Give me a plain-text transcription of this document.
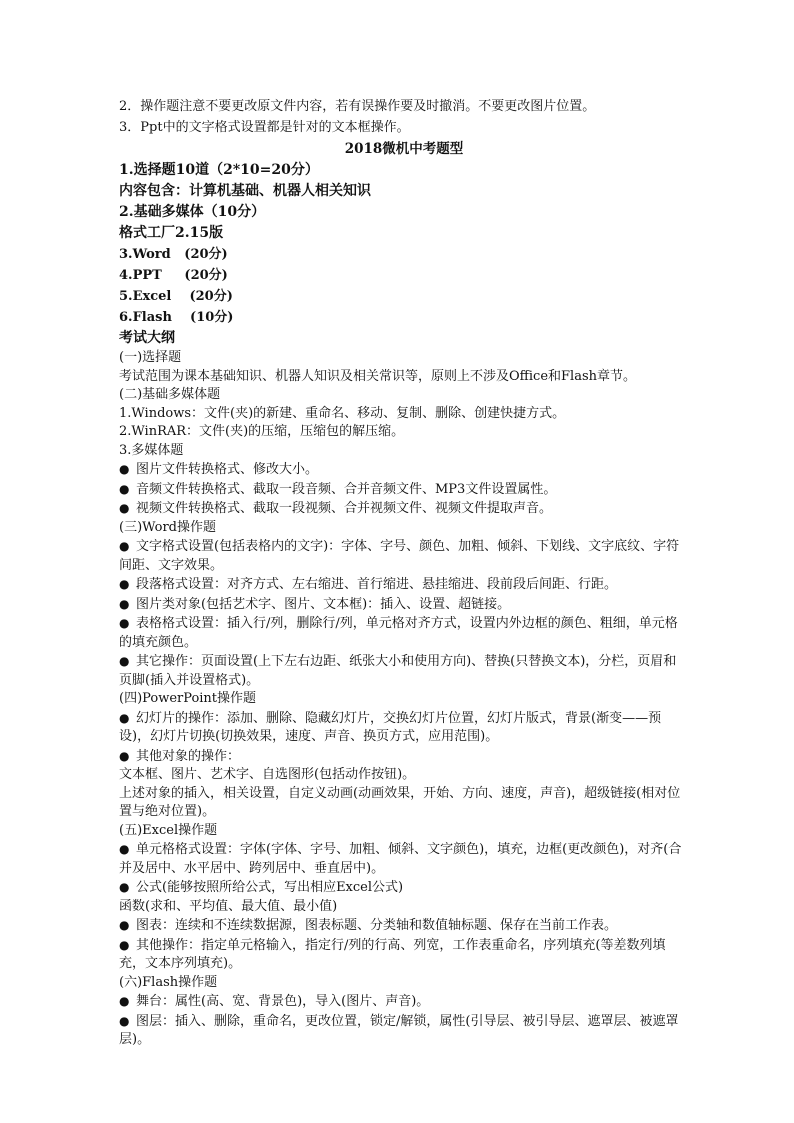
2．操作题注意不要更改原文件内容，若有误操作要及时撤消。不要更改图片位置。
3．Ppt中的文字格式设置都是针对的文本框操作。
2018微机中考题型
1.选择题10道（2*10=20分）
内容包含：计算机基础、机器人相关知识
2.基础多媒体（10分）
格式工厂2.15版
3.Word   (20分)
4.PPT     (20分)
5.Excel    (20分)
6.Flash    (10分)
考试大纲
(一)选择题
考试范围为课本基础知识、机器人知识及相关常识等，原则上不涉及Office和Flash章节。
(二)基础多媒体题
1.Windows：文件(夹)的新建、重命名、移动、复制、删除、创建快捷方式。
2.WinRAR：文件(夹)的压缩，压缩包的解压缩。
3.多媒体题
●图片文件转换格式、修改大小。
●音频文件转换格式、截取一段音频、合并音频文件、MP3文件设置属性。
●视频文件转换格式、截取一段视频、合并视频文件、视频文件提取声音。
(三)Word操作题
●文字格式设置(包括表格内的文字)：字体、字号、颜色、加粗、倾斜、下划线、文字底纹、字符间距、文字效果。
●段落格式设置：对齐方式、左右缩进、首行缩进、悬挂缩进、段前段后间距、行距。
●图片类对象(包括艺术字、图片、文本框)：插入、设置、超链接。
●表格格式设置：插入行/列，删除行/列，单元格对齐方式，设置内外边框的颜色、粗细，单元格的填充颜色。
●其它操作：页面设置(上下左右边距、纸张大小和使用方向)、替换(只替换文本)，分栏，页眉和页脚(插入并设置格式)。
(四)PowerPoint操作题
●幻灯片的操作：添加、删除、隐藏幻灯片，交换幻灯片位置，幻灯片版式，背景(渐变——预设)，幻灯片切换(切换效果，速度、声音、换页方式，应用范围)。
●其他对象的操作：
文本框、图片、艺术字、自选图形(包括动作按钮)。
上述对象的插入，相关设置，自定义动画(动画效果，开始、方向、速度，声音)，超级链接(相对位置与绝对位置)。
(五)Excel操作题
●单元格格式设置：字体(字体、字号、加粗、倾斜、文字颜色)，填充，边框(更改颜色)，对齐(合并及居中、水平居中、跨列居中、垂直居中)。
●公式(能够按照所给公式，写出相应Excel公式)
函数(求和、平均值、最大值、最小值)
●图表：连续和不连续数据源，图表标题、分类轴和数值轴标题、保存在当前工作表。
●其他操作：指定单元格输入，指定行/列的行高、列宽，工作表重命名，序列填充(等差数列填充，文本序列填充)。
(六)Flash操作题
●舞台：属性(高、宽、背景色)，导入(图片、声音)。
●图层：插入、删除，重命名，更改位置，锁定/解锁，属性(引导层、被引导层、遮罩层、被遮罩层)。
